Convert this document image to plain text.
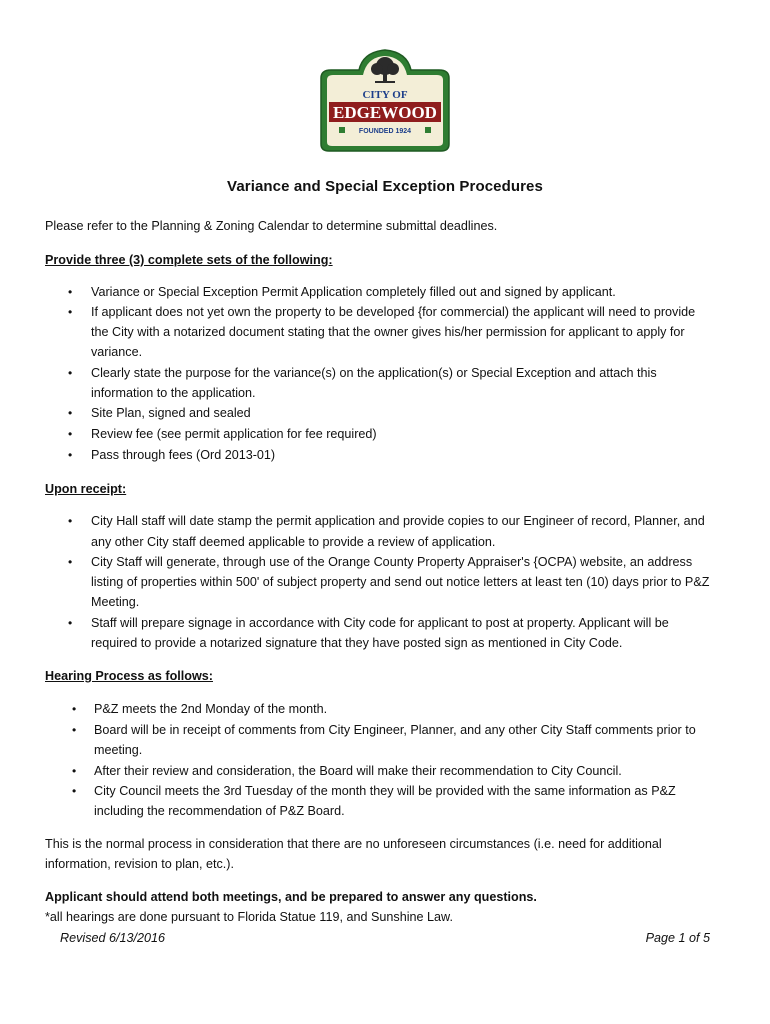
CITY OF
EDGEWOOD
FOUNDED 1924
Variance and Special Exception Procedures
Please refer to the Planning & Zoning Calendar to determine submittal deadlines.
Provide three (3) complete sets of the following:
• Variance or Special Exception Permit Application completely filled out and signed by applicant.
• If applicant does not yet own the property to be developed {for commercial) the applicant will need to provide
the City with a notarized document stating that the owner gives his/her permission for applicant to apply for
variance.
• Clearly state the purpose for the variance(s) on the application(s) or Special Exception and attach this
information to the application.
• Site Plan, signed and sealed
• Review fee (see permit application for fee required)
• Pass through fees (Ord 2013-01)
Upon receipt:
• City Hall staff will date stamp the permit application and provide copies to our Engineer of record, Planner, and
any other City staff deemed applicable to provide a review of application.
• City Staff will generate, through use of the Orange County Property Appraiser's {OCPA) website, an address
listing of properties within 500' of subject property and send out notice letters at least ten (10) days prior to P&Z
Meeting.
• Staff will prepare signage in accordance with City code for applicant to post at property. Applicant will be
required to provide a notarized signature that they have posted sign as mentioned in City Code.
Hearing Process as follows:
• P&Z meets the 2nd Monday of the month.
• Board will be in receipt of comments from City Engineer, Planner, and any other City Staff comments prior to
meeting.
• After their review and consideration, the Board will make their recommendation to City Council.
• City Council meets the 3rd Tuesday of the month they will be provided with the same information as P&Z
including the recommendation of P&Z Board.
This is the normal process in consideration that there are no unforeseen circumstances (i.e. need for additional
information, revision to plan, etc.).
Applicant should attend both meetings, and be prepared to answer any questions.
*all hearings are done pursuant to Florida Statue 119, and Sunshine Law.
Revised 6/13/2016	Page 1 of 5
